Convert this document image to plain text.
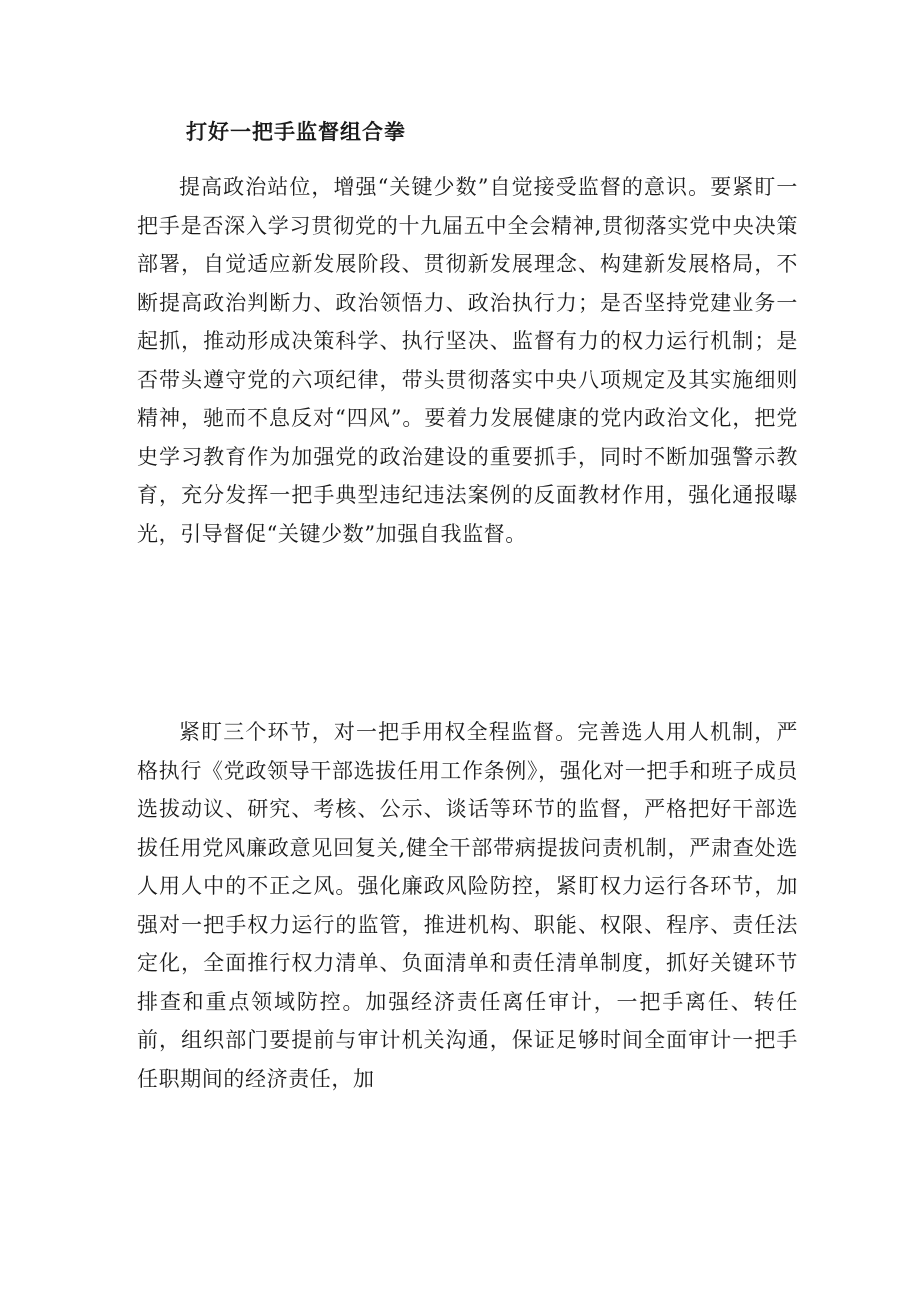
打好一把手监督组合拳

提高政治站位，增强“关键少数”自觉接受监督的意识。要紧盯一把手是否深入学习贯彻党的十九届五中全会精神,贯彻落实党中央决策部署，自觉适应新发展阶段、贯彻新发展理念、构建新发展格局，不断提高政治判断力、政治领悟力、政治执行力；是否坚持党建业务一起抓，推动形成决策科学、执行坚决、监督有力的权力运行机制；是否带头遵守党的六项纪律，带头贯彻落实中央八项规定及其实施细则精神，驰而不息反对“四风”。要着力发展健康的党内政治文化，把党史学习教育作为加强党的政治建设的重要抓手，同时不断加强警示教育，充分发挥一把手典型违纪违法案例的反面教材作用，强化通报曝光，引导督促“关键少数”加强自我监督。

紧盯三个环节，对一把手用权全程监督。完善选人用人机制，严格执行《党政领导干部选拔任用工作条例》，强化对一把手和班子成员选拔动议、研究、考核、公示、谈话等环节的监督，严格把好干部选拔任用党风廉政意见回复关,健全干部带病提拔问责机制，严肃查处选人用人中的不正之风。强化廉政风险防控，紧盯权力运行各环节，加强对一把手权力运行的监管，推进机构、职能、权限、程序、责任法定化，全面推行权力清单、负面清单和责任清单制度，抓好关键环节排查和重点领域防控。加强经济责任离任审计，一把手离任、转任前，组织部门要提前与审计机关沟通，保证足够时间全面审计一把手任职期间的经济责任，加
